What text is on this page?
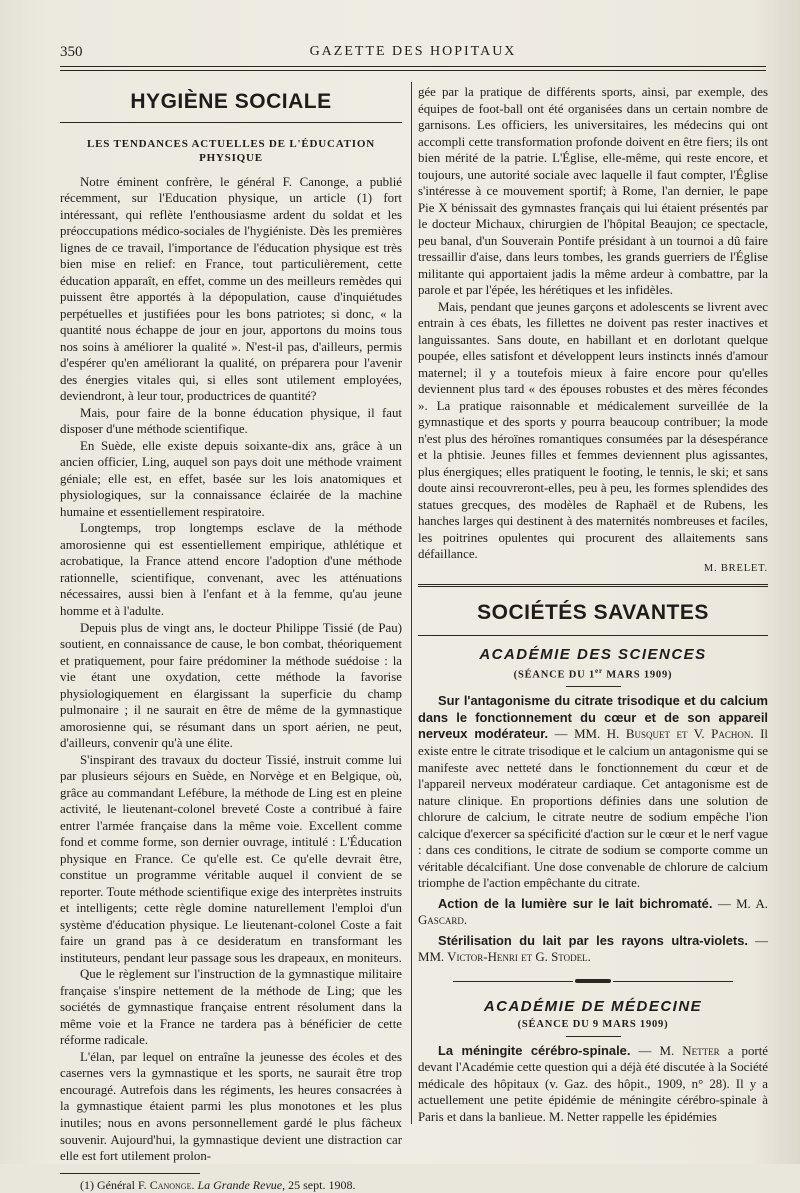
350	GAZETTE DES HOPITAUX
HYGIÈNE SOCIALE
LES TENDANCES ACTUELLES DE L'ÉDUCATION PHYSIQUE

Notre éminent confrère, le général F. Canonge, a publié récemment, sur l'Education physique, un article (1) fort intéressant, qui reflète l'enthousiasme ardent du soldat et les préoccupations médico-sociales de l'hygiéniste. Dès les premières lignes de ce travail, l'importance de l'éducation physique est très bien mise en relief: en France, tout particulièrement, cette éducation apparaît, en effet, comme un des meilleurs remèdes qui puissent être apportés à la dépopulation, cause d'inquiétudes perpétuelles et justifiées pour les bons patriotes; si donc, « la quantité nous échappe de jour en jour, apportons du moins tous nos soins à améliorer la qualité ». N'est-il pas, d'ailleurs, permis d'espérer qu'en améliorant la qualité, on préparera pour l'avenir des énergies vitales qui, si elles sont utilement employées, deviendront, à leur tour, productrices de quantité?

Mais, pour faire de la bonne éducation physique, il faut disposer d'une méthode scientifique.

En Suède, elle existe depuis soixante-dix ans, grâce à un ancien officier, Ling, auquel son pays doit une méthode vraiment géniale; elle est, en effet, basée sur les lois anatomiques et physiologiques, sur la connaissance éclairée de la machine humaine et essentiellement respiratoire.

Longtemps, trop longtemps esclave de la méthode amorosienne qui est essentiellement empirique, athlétique et acrobatique, la France attend encore l'adoption d'une méthode rationnelle, scientifique, convenant, avec les atténuations nécessaires, aussi bien à l'enfant et à la femme, qu'au jeune homme et à l'adulte.

Depuis plus de vingt ans, le docteur Philippe Tissié (de Pau) soutient, en connaissance de cause, le bon combat, théoriquement et pratiquement, pour faire prédominer la méthode suédoise : la vie étant une oxydation, cette méthode la favorise physiologiquement en élargissant la superficie du champ pulmonaire ; il ne saurait en être de même de la gymnastique amorosienne qui, se résumant dans un sport aérien, ne peut, d'ailleurs, convenir qu'à une élite.

S'inspirant des travaux du docteur Tissié, instruit comme lui par plusieurs séjours en Suède, en Norvège et en Belgique, où, grâce au commandant Lefébure, la méthode de Ling est en pleine activité, le lieutenant-colonel breveté Coste a contribué à faire entrer l'armée française dans la même voie. Excellent comme fond et comme forme, son dernier ouvrage, intitulé : L'Éducation physique en France. Ce qu'elle est. Ce qu'elle devrait être, constitue un programme véritable auquel il convient de se reporter. Toute méthode scientifique exige des interprètes instruits et intelligents; cette règle domine naturellement l'emploi d'un système d'éducation physique. Le lieutenant-colonel Coste a fait faire un grand pas à ce desideratum en transformant les instituteurs, pendant leur passage sous les drapeaux, en moniteurs.

Que le règlement sur l'instruction de la gymnastique militaire française s'inspire nettement de la méthode de Ling; que les sociétés de gymnastique française entrent résolument dans la même voie et la France ne tardera pas à bénéficier de cette réforme radicale.

L'élan, par lequel on entraîne la jeunesse des écoles et des casernes vers la gymnastique et les sports, ne saurait être trop encouragé. Autrefois dans les régiments, les heures consacrées à la gymnastique étaient parmi les plus monotones et les plus inutiles; nous en avons personnellement gardé le plus fâcheux souvenir. Aujourd'hui, la gymnastique devient une distraction car elle est fort utilement prolon-

(1) Général F. Canonge. La Grande Revue, 25 sept. 1908.

gée par la pratique de différents sports, ainsi, par exemple, des équipes de foot-ball ont été organisées dans un certain nombre de garnisons. Les officiers, les universitaires, les médecins qui ont accompli cette transformation profonde doivent en être fiers; ils ont bien mérité de la patrie. L'Église, elle-même, qui reste encore, et toujours, une autorité sociale avec laquelle il faut compter, l'Église s'intéresse à ce mouvement sportif; à Rome, l'an dernier, le pape Pie X bénissait des gymnastes français qui lui étaient présentés par le docteur Michaux, chirurgien de l'hôpital Beaujon; ce spectacle, peu banal, d'un Souverain Pontife présidant à un tournoi a dû faire tressaillir d'aise, dans leurs tombes, les grands guerriers de l'Église militante qui apportaient jadis la même ardeur à combattre, par la parole et par l'épée, les hérétiques et les infidèles.

Mais, pendant que jeunes garçons et adolescents se livrent avec entrain à ces ébats, les fillettes ne doivent pas rester inactives et languissantes. Sans doute, en habillant et en dorlotant quelque poupée, elles satisfont et développent leurs instincts innés d'amour maternel; il y a toutefois mieux à faire encore pour qu'elles deviennent plus tard « des épouses robustes et des mères fécondes ». La pratique raisonnable et médicalement surveillée de la gymnastique et des sports y pourra beaucoup contribuer; la mode n'est plus des héroïnes romantiques consumées par la désespérance et la phtisie. Jeunes filles et femmes deviennent plus agissantes, plus énergiques; elles pratiquent le footing, le tennis, le ski; et sans doute ainsi recouvreront-elles, peu à peu, les formes splendides des statues grecques, des modèles de Raphaël et de Rubens, les hanches larges qui destinent à des maternités nombreuses et faciles, les poitrines opulentes qui procurent des allaitements sans défaillance.

M. BRELET.
SOCIÉTÉS SAVANTES
ACADÉMIE DES SCIENCES
(SÉANCE DU 1er MARS 1909)

Sur l'antagonisme du citrate trisodique et du calcium dans le fonctionnement du cœur et de son appareil nerveux modérateur. — MM. H. Busquet et V. Pachon. Il existe entre le citrate trisodique et le calcium un antagonisme qui se manifeste avec netteté dans le fonctionnement du cœur et de l'appareil nerveux modérateur cardiaque. Cet antagonisme est de nature clinique. En proportions définies dans une solution de chlorure de calcium, le citrate neutre de sodium empêche l'ion calcique d'exercer sa spécificité d'action sur le cœur et le nerf vague : dans ces conditions, le citrate de sodium se comporte comme un véritable décalcifiant. Une dose convenable de chlorure de calcium triomphe de l'action empêchante du citrate.

Action de la lumière sur le lait bichromaté. — M. A. Gascard.

Stérilisation du lait par les rayons ultra-violets. — MM. Victor-Henri et G. Stodel.

ACADÉMIE DE MÉDECINE
(SÉANCE DU 9 MARS 1909)

La méningite cérébro-spinale. — M. Netter a porté devant l'Académie cette question qui a déjà été discutée à la Société médicale des hôpitaux (v. Gaz. des hôpit., 1909, n° 28). Il y a actuellement une petite épidémie de méningite cérébro-spinale à Paris et dans la banlieue. M. Netter rappelle les épidémies
